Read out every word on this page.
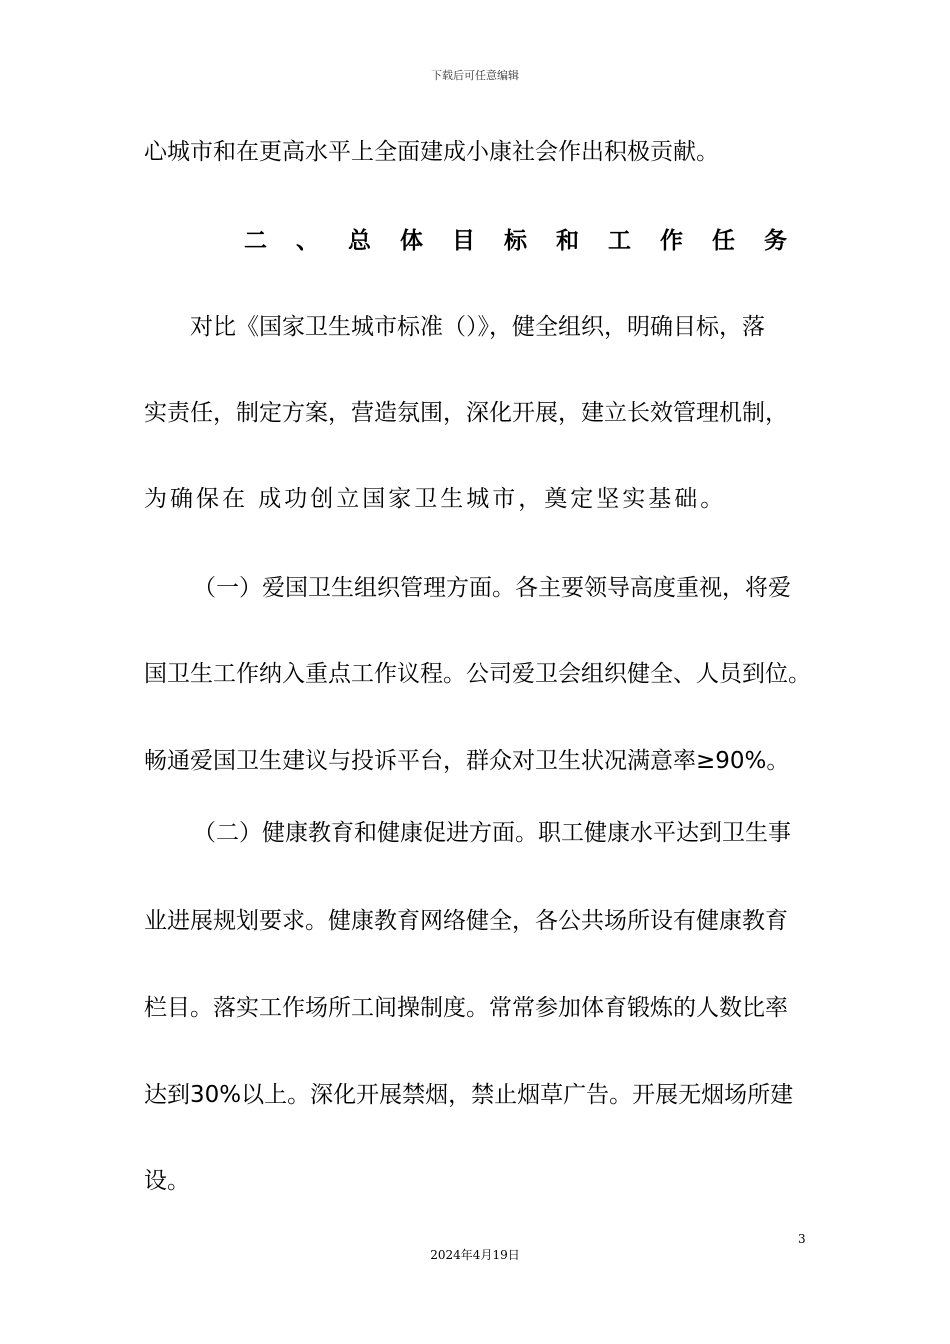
下载后可任意编辑
心城市和在更高水平上全面建成小康社会作出积极贡献。
二、总体目标和工作任务
对比《国家卫生城市标准（）》，健全组织，明确目标，落
实责任，制定方案，营造氛围，深化开展，建立长效管理机制，
为确保在 成功创立国家卫生城市，奠定坚实基础。
（一）爱国卫生组织管理方面。各主要领导高度重视，将爱
国卫生工作纳入重点工作议程。公司爱卫会组织健全、人员到位。
畅通爱国卫生建议与投诉平台，群众对卫生状况满意率≥90%。
（二）健康教育和健康促进方面。职工健康水平达到卫生事
业进展规划要求。健康教育网络健全，各公共场所设有健康教育
栏目。落实工作场所工间操制度。常常参加体育锻炼的人数比率
达到30%以上。深化开展禁烟，禁止烟草广告。开展无烟场所建
设。
3
2024年4月19日
